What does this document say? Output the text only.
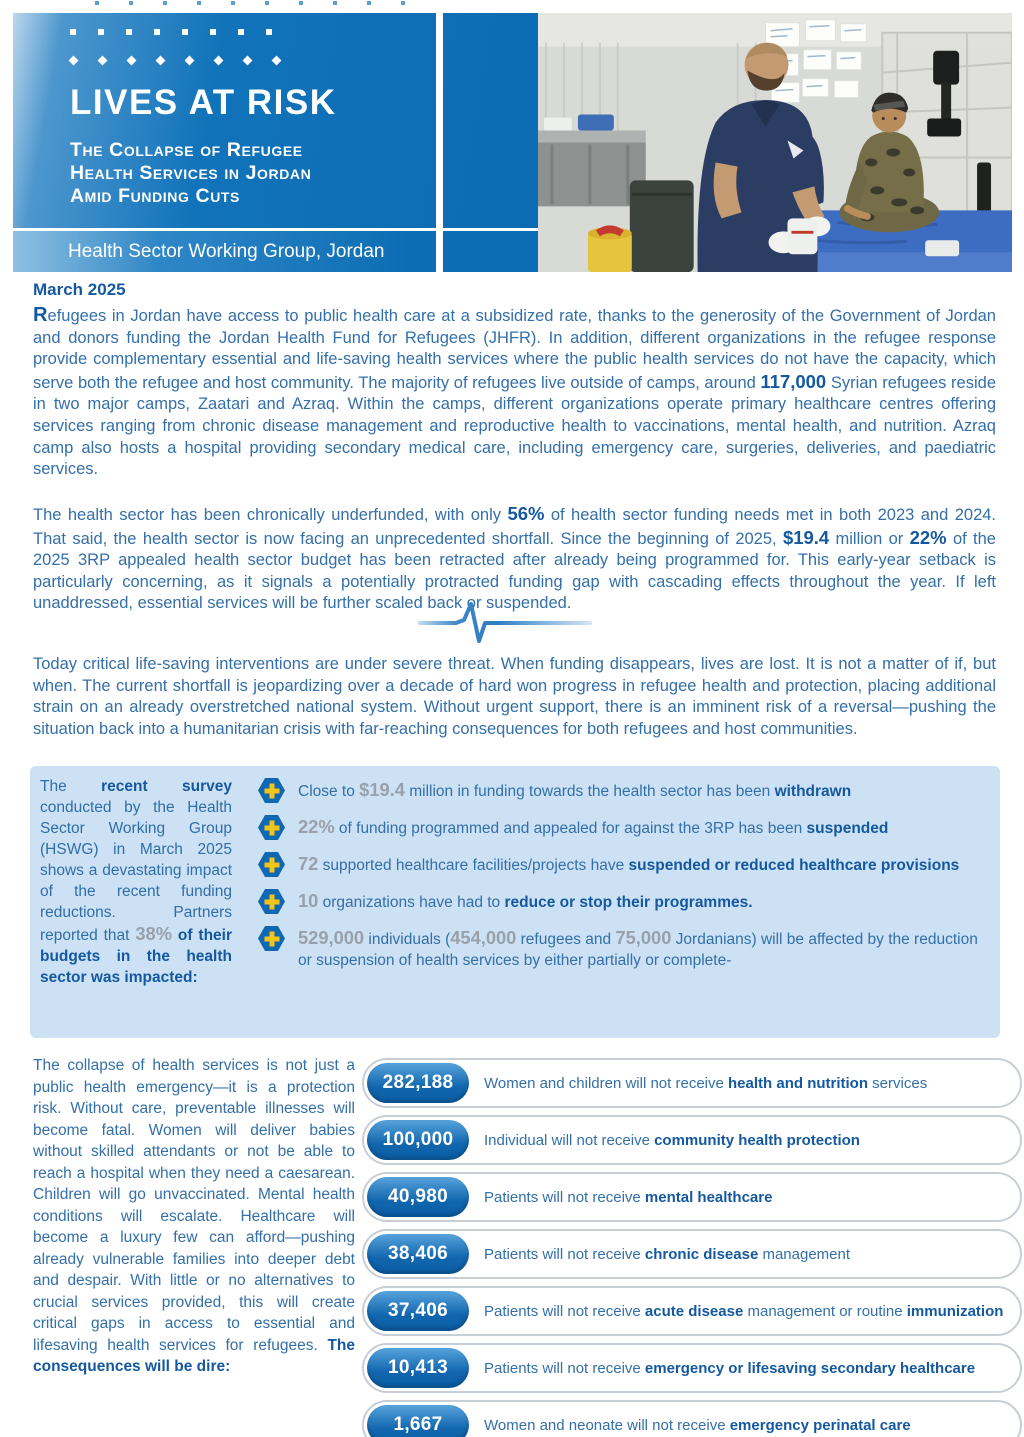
Health Sector Working Group, Jordan
LIVES AT RISK
The Collapse of Refugee
Health Services in Jordan
Amid Funding Cuts
March 2025

Refugees in Jordan have access to public health care at a subsidized rate, thanks to the generosity of the Government of Jordan and donors funding the Jordan Health Fund for Refugees (JHFR). In addition, different organizations in the refugee response provide complementary essential and life-saving health services where the public health services do not have the capacity, which serve both the refugee and host community. The majority of refugees live outside of camps, around 117,000 Syrian refugees reside in two major camps, Zaatari and Azraq. Within the camps, different organizations operate primary healthcare centres offering services ranging from chronic disease management and reproductive health to vaccinations, mental health, and nutrition. Azraq camp also hosts a hospital providing secondary medical care, including emergency care, surgeries, deliveries, and paediatric services.

The health sector has been chronically underfunded, with only 56% of health sector funding needs met in both 2023 and 2024. That said, the health sector is now facing an unprecedented shortfall. Since the beginning of 2025, $19.4 million or 22% of the 2025 3RP appealed health sector budget has been retracted after already being programmed for. This early-year setback is particularly concerning, as it signals a potentially protracted funding gap with cascading effects throughout the year. If left unaddressed, essential services will be further scaled back or suspended.

Today critical life-saving interventions are under severe threat. When funding disappears, lives are lost. It is not a matter of if, but when. The current shortfall is jeopardizing over a decade of hard won progress in refugee health and protection, placing additional strain on an already overstretched national system. Without urgent support, there is an imminent risk of a reversal—pushing the situation back into a humanitarian crisis with far-reaching consequences for both refugees and host communities.

The recent survey conducted by the Health Sector Working Group (HSWG) in March 2025 shows a devastating impact of the recent funding reductions. Partners reported that 38% of their budgets in the health sector was impacted:

Close to $19.4 million in funding towards the health sector has been withdrawn

22% of funding programmed and appealed for against the 3RP has been suspended

72 supported healthcare facilities/projects have suspended or reduced healthcare provisions

10 organizations have had to reduce or stop their programmes.

529,000 individuals (454,000 refugees and 75,000 Jordanians) will be affected by the reduction or suspension of health services by either partially or complete-

The collapse of health services is not just a public health emergency—it is a protection risk. Without care, preventable illnesses will become fatal. Women will deliver babies without skilled attendants or not be able to reach a hospital when they need a caesarean. Children will go unvaccinated. Mental health conditions will escalate. Healthcare will become a luxury few can afford—pushing already vulnerable families into deeper debt and despair. With little or no alternatives to crucial services provided, this will create critical gaps in access to essential and lifesaving health services for refugees. The consequences will be dire:

282,188	Women and children will not receive health and nutrition services

100,000	Individual will not receive community health protection

40,980	Patients will not receive mental healthcare

38,406	Patients will not receive chronic disease management

37,406	Patients will not receive acute disease management or routine immunization

10,413	Patients will not receive emergency or lifesaving secondary healthcare

1,667	Women and neonate will not receive emergency perinatal care
